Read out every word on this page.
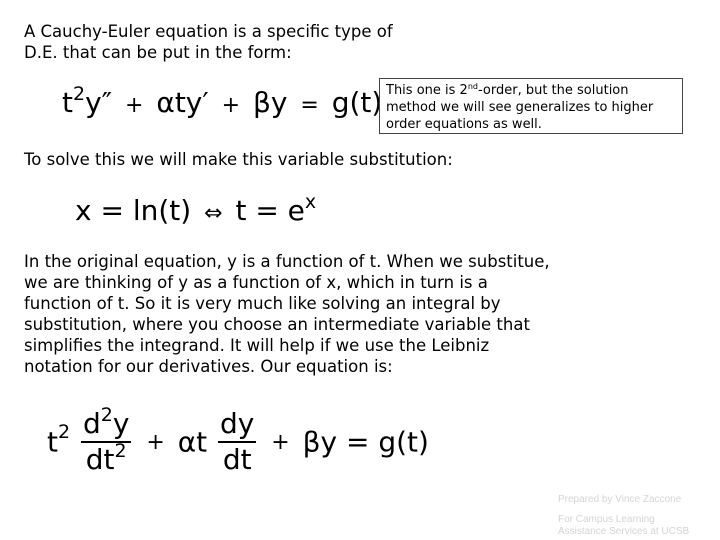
A Cauchy-Euler equation is a specific type of
D.E. that can be put in the form:
$t^2y'' + \alpha ty' + \beta y = g(t)$ This one is 2nd-order, but the solution method we will see generalizes to higher order equations as well.
To solve this we will make this variable substitution:
x = ln(t) ⇔ $t = e^x$
In the original equation, y is a function of t. When we substitue,
we are thinking of y as a function of x, which in turn is a
function of t. So it is very much like solving an integral by
substitution, where you choose an intermediate variable that
simplifies the integrand. It will help if we use the Leibniz
notation for our derivatives. Our equation is:
$t^2 \frac{d^2y}{dt^2} + \alpha t \frac{dy}{dt} + \beta y = g(t)$
Prepared by Vince Zaccone
For Campus Learning
Assistance Services at UCSB
